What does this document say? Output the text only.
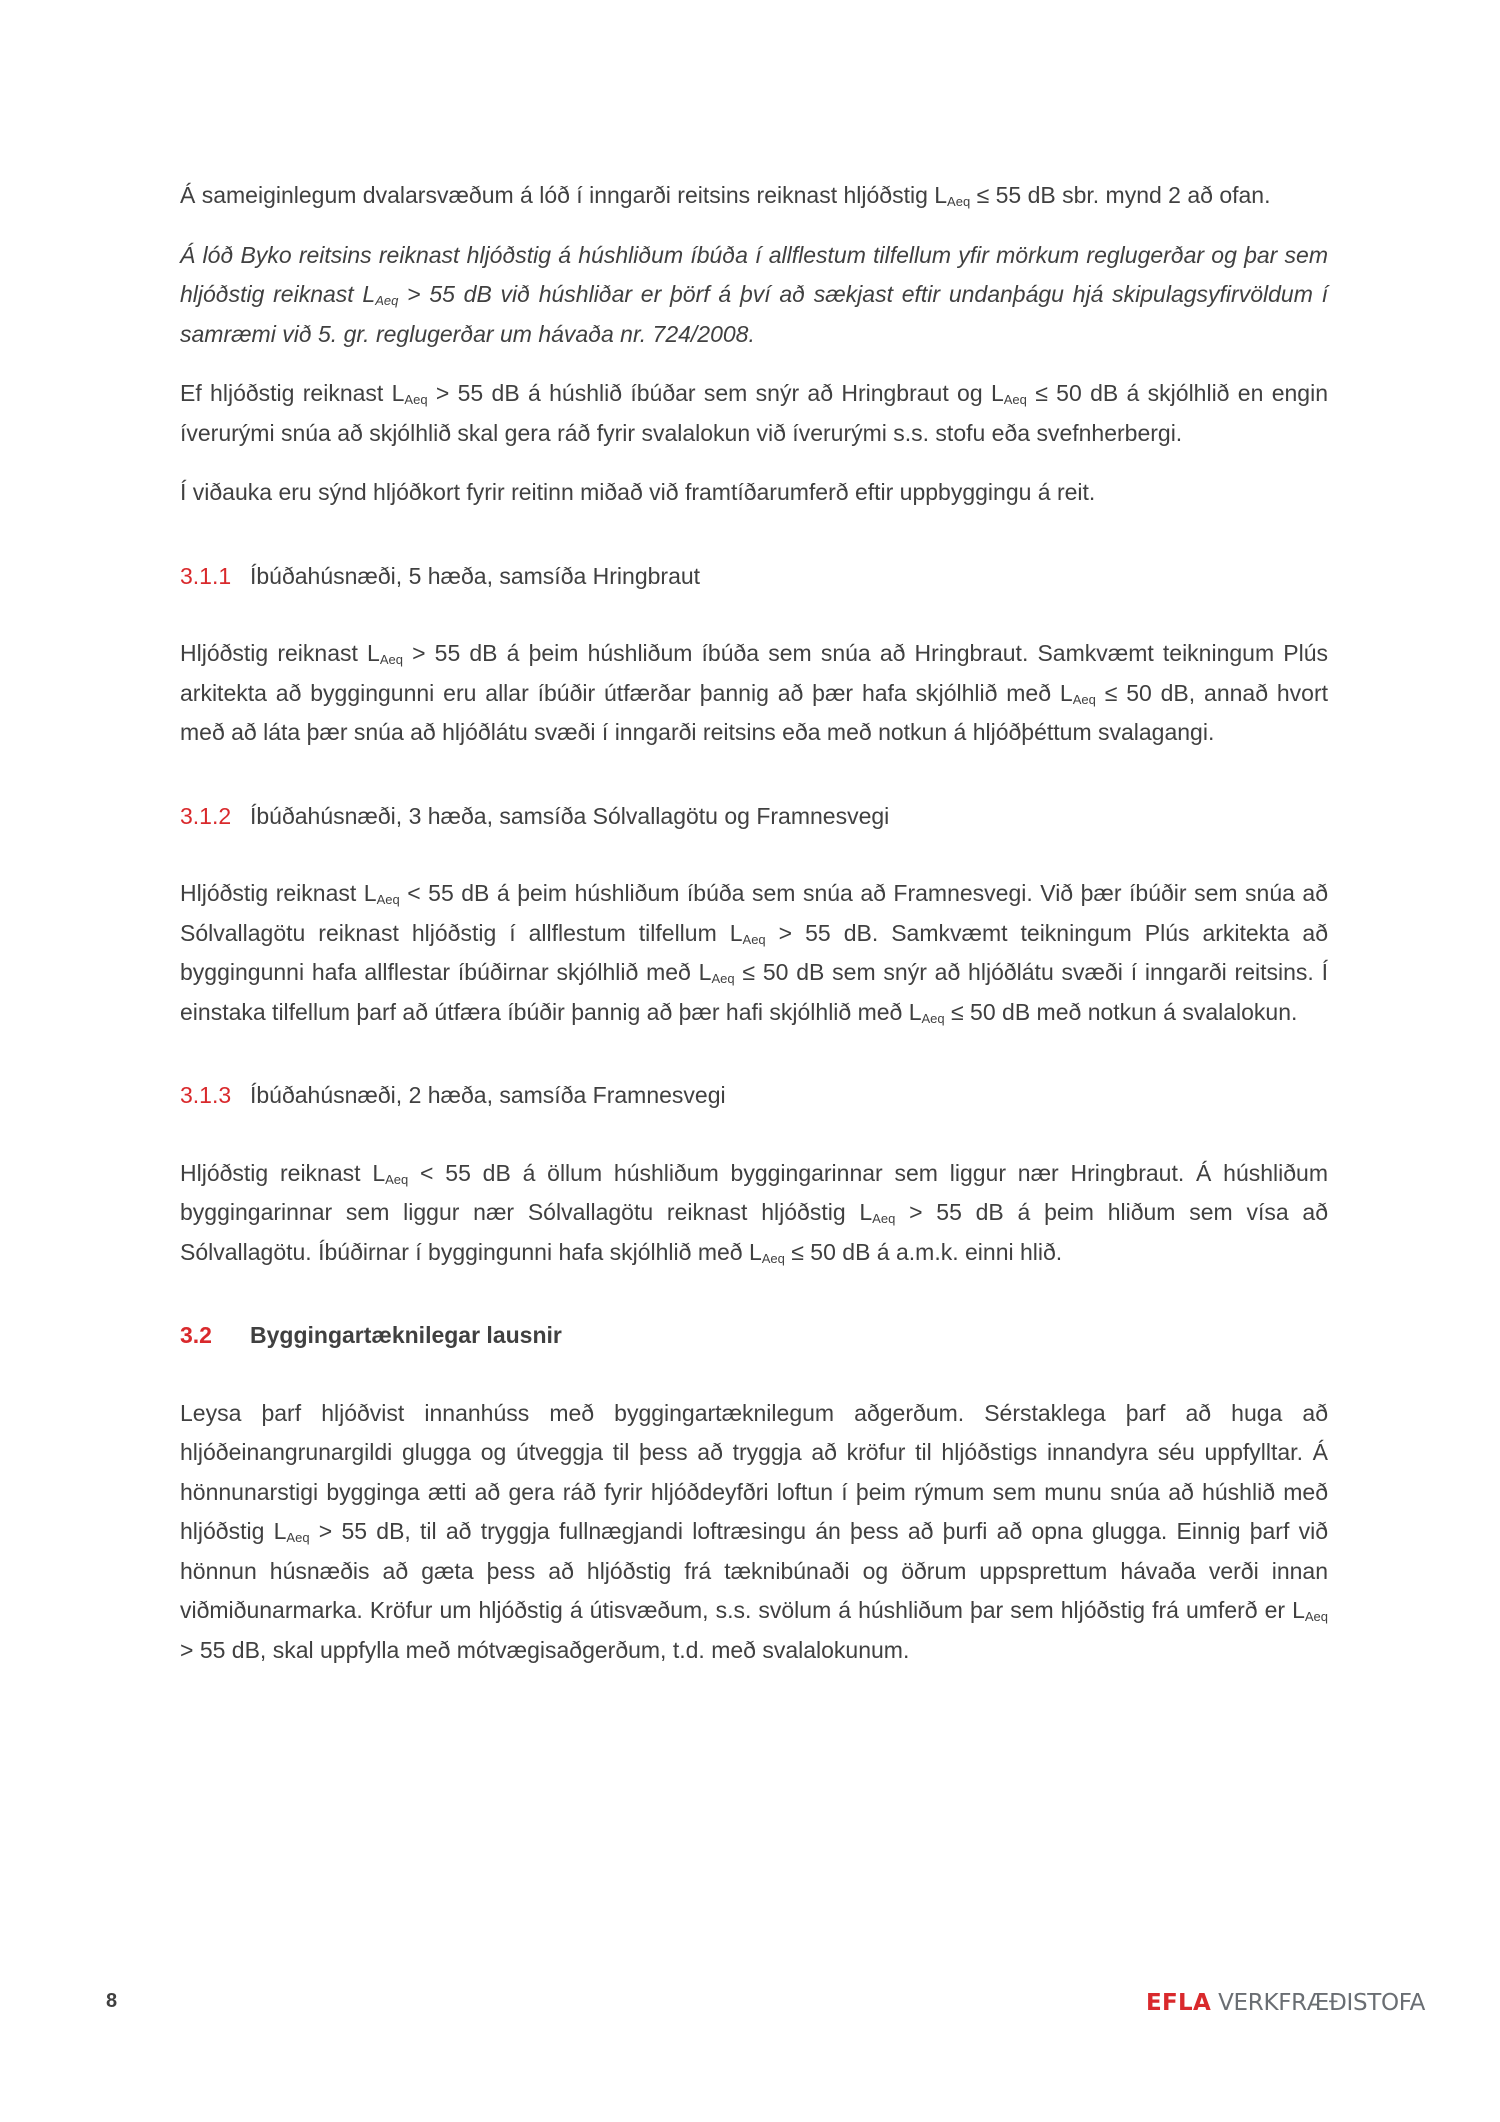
Á sameiginlegum dvalarsvæðum á lóð í inngarði reitsins reiknast hljóðstig $L_{Aeq} \le 55$ dB sbr. mynd 2 að ofan.

Á lóð Byko reitsins reiknast hljóðstig á húshliðum íbúða í allflestum tilfellum yfir mörkum reglugerðar og þar sem hljóðstig reiknast $L_{Aeq} > 55$ dB við húshliðar er þörf á því að sækjast eftir undanþágu hjá skipulagsyfirvöldum í samræmi við 5. gr. reglugerðar um hávaða nr. 724/2008.

Ef hljóðstig reiknast $L_{Aeq} > 55$ dB á húshlið íbúðar sem snýr að Hringbraut og $L_{Aeq} \le 50$ dB á skjólhlið en engin íverurými snúa að skjólhlið skal gera ráð fyrir svalalokun við íverurými s.s. stofu eða svefnherbergi.

Í viðauka eru sýnd hljóðkort fyrir reitinn miðað við framtíðarumferð eftir uppbyggingu á reit.

3.1.1 Íbúðahúsnæði, 5 hæða, samsíða Hringbraut

Hljóðstig reiknast $L_{Aeq} > 55$ dB á þeim húshliðum íbúða sem snúa að Hringbraut. Samkvæmt teikningum Plús arkitekta að byggingunni eru allar íbúðir útfærðar þannig að þær hafa skjólhlið með $L_{Aeq} \le 50$ dB, annað hvort með að láta þær snúa að hljóðlátu svæði í inngarði reitsins eða með notkun á hljóðþéttum svalagangi.

3.1.2 Íbúðahúsnæði, 3 hæða, samsíða Sólvallagötu og Framnesvegi

Hljóðstig reiknast $L_{Aeq} < 55$ dB á þeim húshliðum íbúða sem snúa að Framnesvegi. Við þær íbúðir sem snúa að Sólvallagötu reiknast hljóðstig í allflestum tilfellum $L_{Aeq} > 55$ dB. Samkvæmt teikningum Plús arkitekta að byggingunni hafa allflestar íbúðirnar skjólhlið með $L_{Aeq} \le 50$ dB sem snýr að hljóðlátu svæði í inngarði reitsins. Í einstaka tilfellum þarf að útfæra íbúðir þannig að þær hafi skjólhlið með $L_{Aeq} \le 50$ dB með notkun á svalalokun.

3.1.3 Íbúðahúsnæði, 2 hæða, samsíða Framnesvegi

Hljóðstig reiknast $L_{Aeq} < 55$ dB á öllum húshliðum byggingarinnar sem liggur nær Hringbraut. Á húshliðum byggingarinnar sem liggur nær Sólvallagötu reiknast hljóðstig $L_{Aeq} > 55$ dB á þeim hliðum sem vísa að Sólvallagötu. Íbúðirnar í byggingunni hafa skjólhlið með $L_{Aeq} \le 50$ dB á a.m.k. einni hlið.

3.2	Byggingartæknilegar lausnir

Leysa þarf hljóðvist innanhúss með byggingartæknilegum aðgerðum. Sérstaklega þarf að huga að hljóðeinangrunargildi glugga og útveggja til þess að tryggja að kröfur til hljóðstigs innandyra séu uppfylltar. Á hönnunarstigi bygginga ætti að gera ráð fyrir hljóðdeyfðri loftun í þeim rýmum sem munu snúa að húshlið með hljóðstig $L_{Aeq} > 55$ dB, til að tryggja fullnægjandi loftræsingu án þess að þurfi að opna glugga. Einnig þarf við hönnun húsnæðis að gæta þess að hljóðstig frá tæknibúnaði og öðrum uppsprettum hávaða verði innan viðmiðunarmarka. Kröfur um hljóðstig á útisvæðum, s.s. svölum á húshliðum þar sem hljóðstig frá umferð er $L_{Aeq} > 55$ dB, skal uppfylla með mótvægisaðgerðum, t.d. með svalalokunum.

8	EFLA VERKFRÆÐISTOFA
